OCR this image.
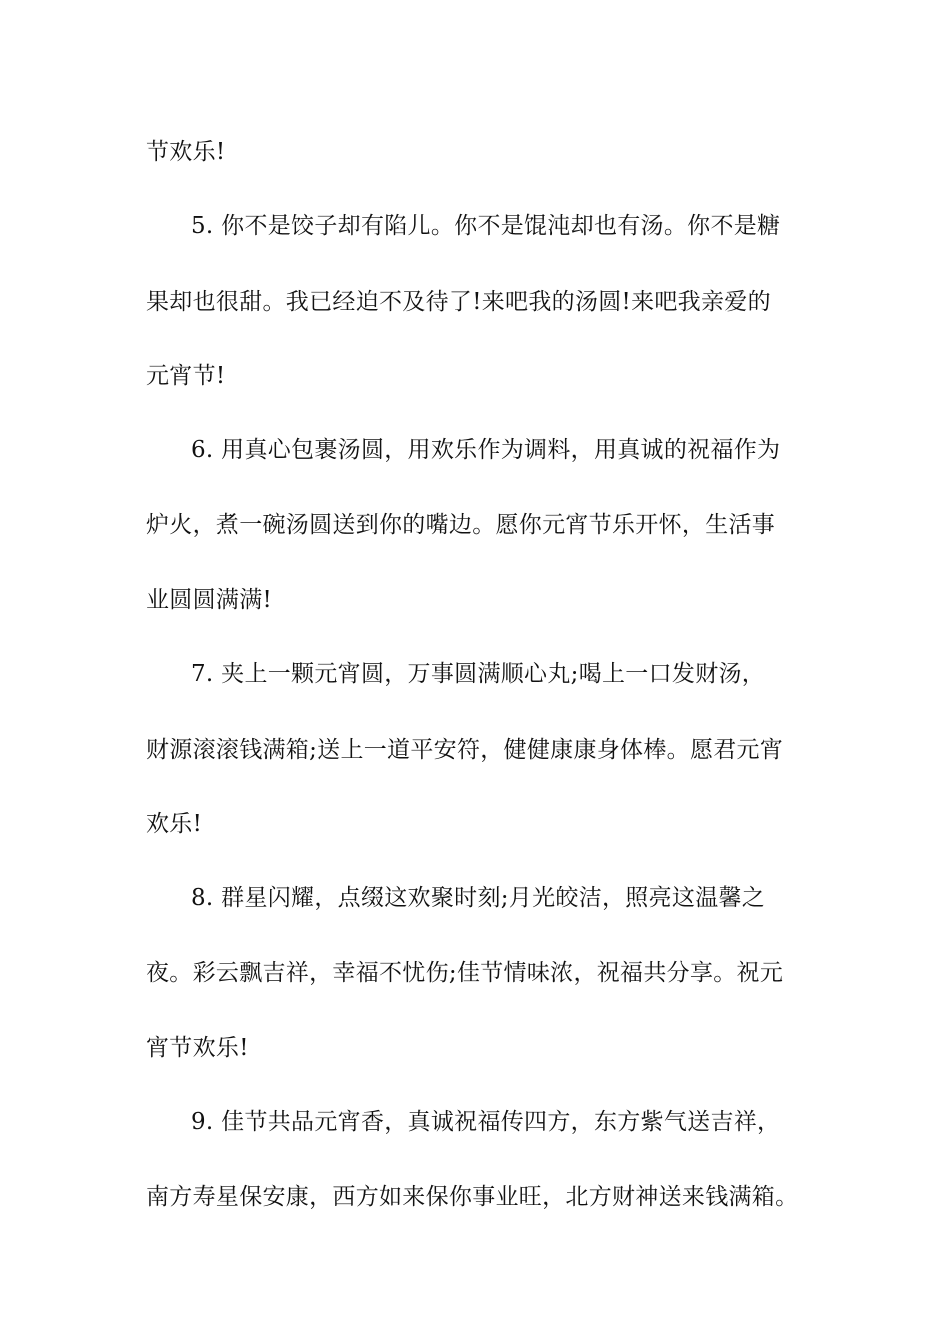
节欢乐!
5. 你不是饺子却有陷儿。你不是馄沌却也有汤。你不是糖
果却也很甜。我已经迫不及待了!来吧我的汤圆!来吧我亲爱的
元宵节!
6. 用真心包裹汤圆，用欢乐作为调料，用真诚的祝福作为
炉火，煮一碗汤圆送到你的嘴边。愿你元宵节乐开怀，生活事
业圆圆满满!
7. 夹上一颗元宵圆，万事圆满顺心丸;喝上一口发财汤，
财源滚滚钱满箱;送上一道平安符，健健康康身体棒。愿君元宵
欢乐!
8. 群星闪耀，点缀这欢聚时刻;月光皎洁，照亮这温馨之
夜。彩云飘吉祥，幸福不忧伤;佳节情味浓，祝福共分享。祝元
宵节欢乐!
9. 佳节共品元宵香，真诚祝福传四方，东方紫气送吉祥，
南方寿星保安康，西方如来保你事业旺，北方财神送来钱满箱。
